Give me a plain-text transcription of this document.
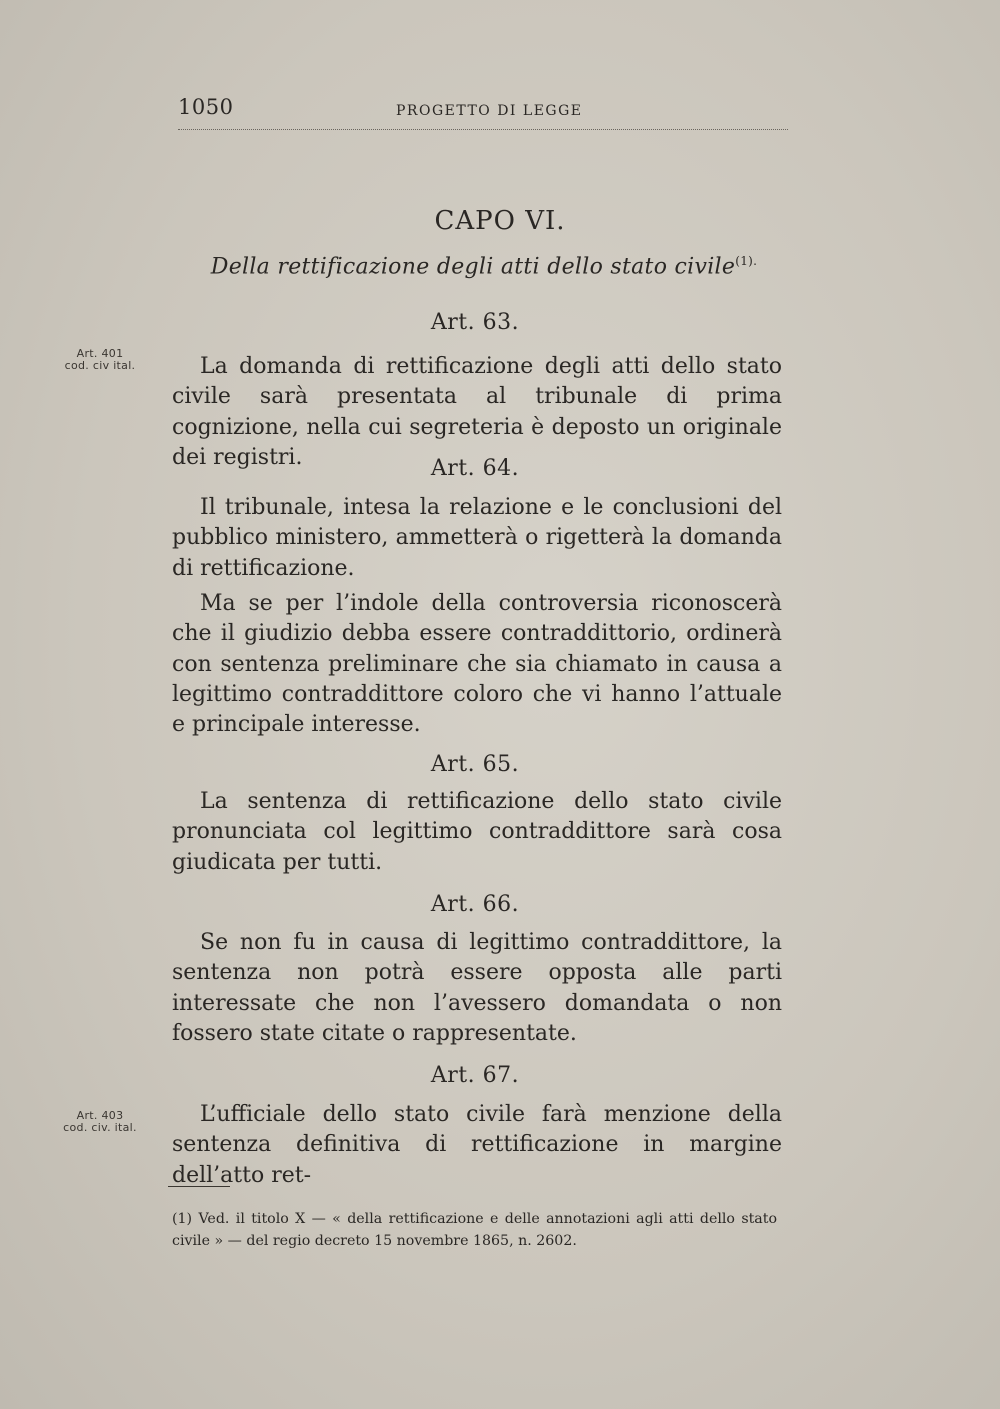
1050	PROGETTO DI LEGGE
CAPO VI.
Della rettificazione degli atti dello stato civile$^{(1).}$
Art. 63.
Art. 401
cod. civ ital.	La domanda di rettificazione degli atti dello stato civile sarà presentata al tribunale di prima cognizione, nella cui segreteria è deposto un originale dei registri.	Art. 64.

Il tribunale, intesa la relazione e le conclusioni del pubblico ministero, ammetterà o rigetterà la domanda di rettificazione.

Ma se per l’indole della controversia riconoscerà che il giudizio debba essere contraddittorio, ordinerà con sentenza preliminare che sia chiamato in causa a legittimo contraddittore coloro che vi hanno l’attuale e principale interesse.

Art. 65.

La sentenza di rettificazione dello stato civile pronunciata col legittimo contraddittore sarà cosa giudicata per tutti.

Art. 66.

Se non fu in causa di legittimo contraddittore, la sentenza non potrà essere opposta alle parti interessate che non l’avessero domandata o non fossero state citate o rappresentate.

Art. 67.
Art. 403
cod. civ. ital.

L’ufficiale dello stato civile farà menzione della sentenza definitiva di rettificazione in margine dell’atto ret-

(1) Ved. il titolo X — « della rettificazione e delle annotazioni agli atti dello stato civile » — del regio decreto 15 novembre 1865, n. 2602.
